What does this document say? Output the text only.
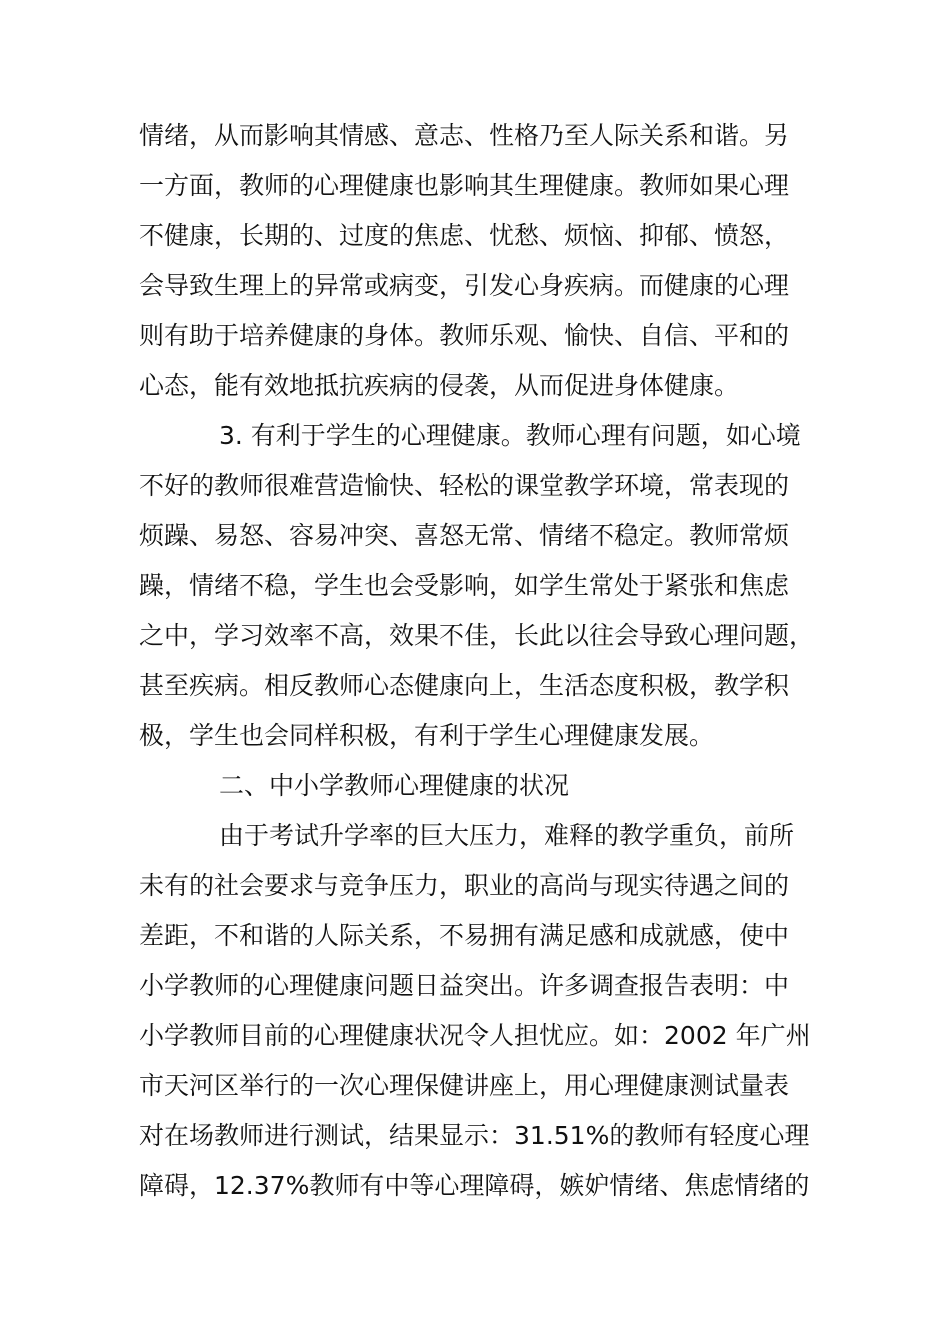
情绪，从而影响其情感、意志、性格乃至人际关系和谐。另
一方面，教师的心理健康也影响其生理健康。教师如果心理
不健康，长期的、过度的焦虑、忧愁、烦恼、抑郁、愤怒，
会导致生理上的异常或病变，引发心身疾病。而健康的心理
则有助于培养健康的身体。教师乐观、愉快、自信、平和的
心态，能有效地抵抗疾病的侵袭，从而促进身体健康。
3. 有利于学生的心理健康。教师心理有问题，如心境
不好的教师很难营造愉快、轻松的课堂教学环境，常表现的
烦躁、易怒、容易冲突、喜怒无常、情绪不稳定。教师常烦
躁，情绪不稳，学生也会受影响，如学生常处于紧张和焦虑
之中，学习效率不高，效果不佳，长此以往会导致心理问题，
甚至疾病。相反教师心态健康向上，生活态度积极，教学积
极，学生也会同样积极，有利于学生心理健康发展。
二、中小学教师心理健康的状况
由于考试升学率的巨大压力，难释的教学重负，前所
未有的社会要求与竞争压力，职业的高尚与现实待遇之间的
差距，不和谐的人际关系，不易拥有满足感和成就感，使中
小学教师的心理健康问题日益突出。许多调查报告表明：中
小学教师目前的心理健康状况令人担忧应。如：2002 年广州
市天河区举行的一次心理保健讲座上，用心理健康测试量表
对在场教师进行测试，结果显示：31.51%的教师有轻度心理
障碍，12.37%教师有中等心理障碍，嫉妒情绪、焦虑情绪的
